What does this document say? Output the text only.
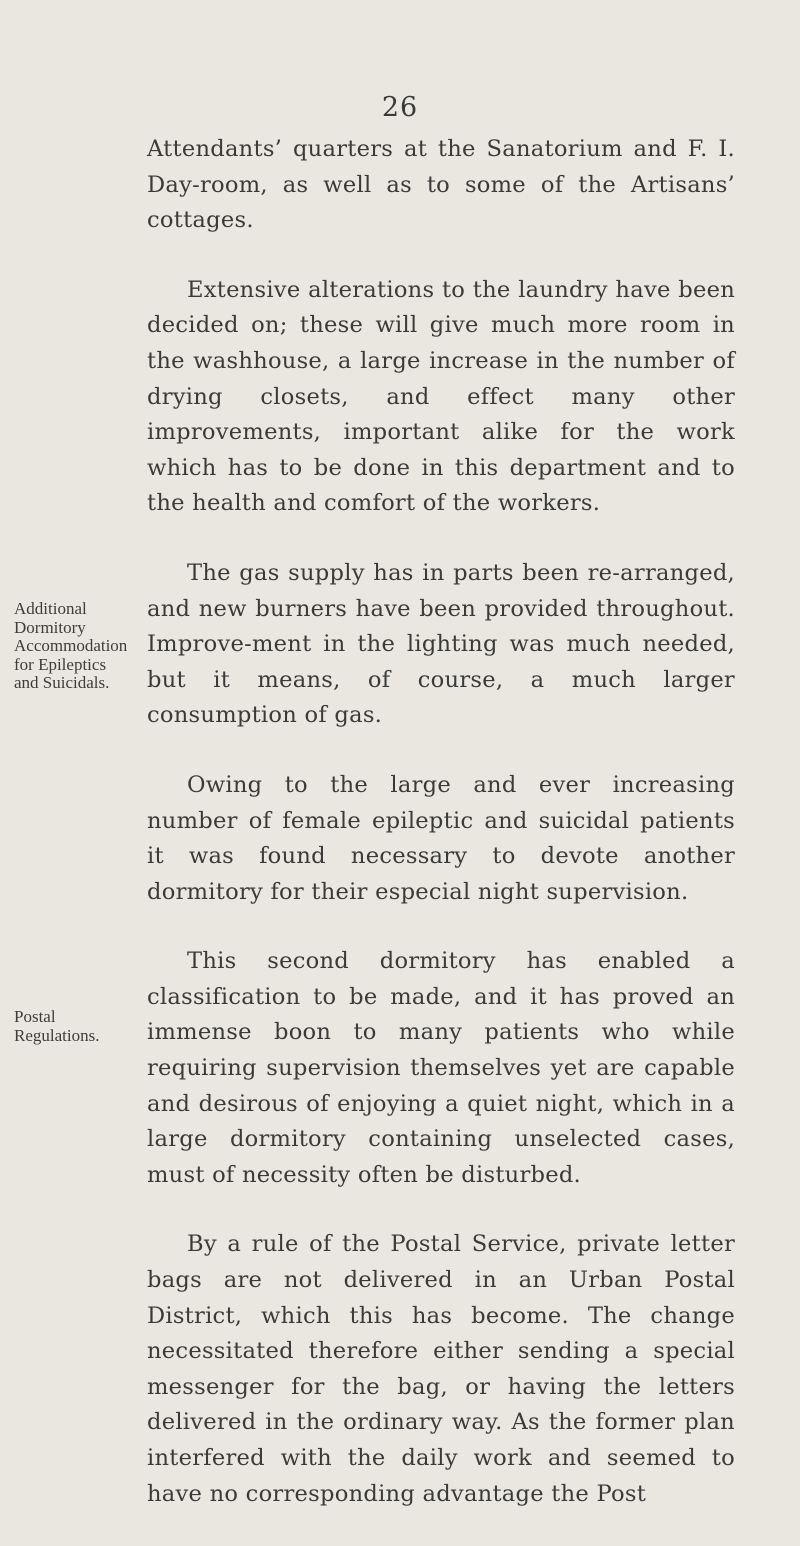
26

Attendants’ quarters at the Sanatorium and F. I. Day-room, as well as to some of the Artisans’ cottages.

Extensive alterations to the laundry have been decided on; these will give much more room in the washhouse, a large increase in the number of drying closets, and effect many other improvements, important alike for the work which has to be done in this department and to the health and comfort of the workers.

The gas supply has in parts been re-arranged, and new burners have been provided throughout. Improve-ment in the lighting was much needed, but it means, of course, a much larger consumption of gas.

Owing to the large and ever increasing number of female epileptic and suicidal patients it was found necessary to devote another dormitory for their especial night supervision.

This second dormitory has enabled a classification to be made, and it has proved an immense boon to many patients who while requiring supervision themselves yet are capable and desirous of enjoying a quiet night, which in a large dormitory containing unselected cases, must of necessity often be disturbed.

By a rule of the Postal Service, private letter bags are not delivered in an Urban Postal District, which this has become. The change necessitated therefore either sending a special messenger for the bag, or having the letters delivered in the ordinary way. As the former plan interfered with the daily work and seemed to have no corresponding advantage the Post

Additional
Dormitory
Accommodation
for Epileptics
and Suicidals.
Postal
Regulations.
